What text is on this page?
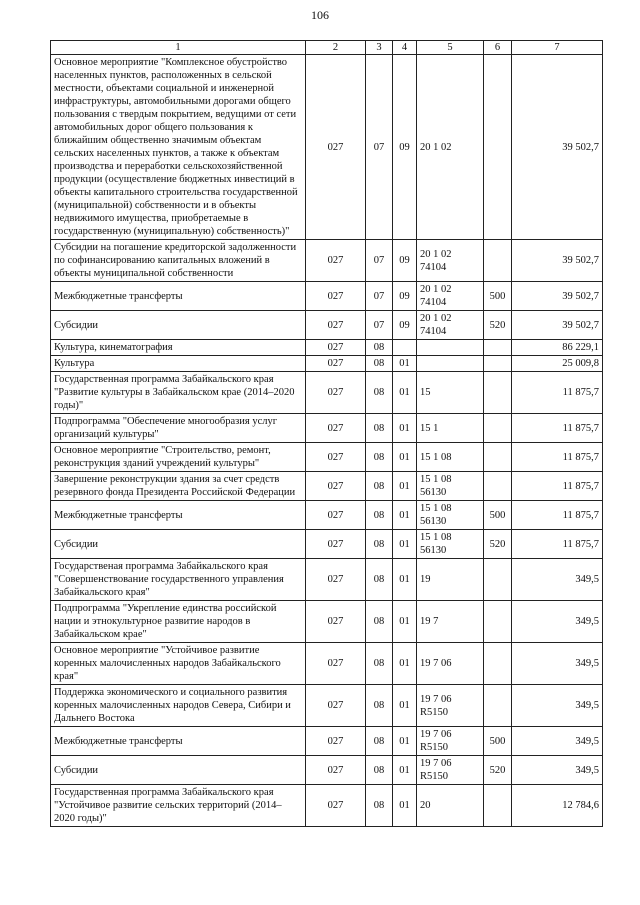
106
1	2	3	4	5	6	7
Основное мероприятие "Комплексное обустройство населенных пунктов, расположенных в сельской местности, объектами социальной и инженерной инфраструктуры, автомобильными дорогами общего пользования с твердым покрытием, ведущими от сети автомобильных дорог общего пользования к ближайшим общественно значимым объектам сельских населенных пунктов, а также к объектам производства и переработки сельскохозяйственной продукции (осуществление бюджетных инвестиций в объекты капитального строительства государственной (муниципальной) собственности и в объекты недвижимого имущества, приобретаемые в государственную (муниципальную) собственность)"	027	07	09	20 1 02		39 502,7
Субсидии на погашение кредиторской задолженности по софинансированию капитальных вложений в объекты муниципальной собственности	027	07	09	20 1 02 74104		39 502,7
Межбюджетные трансферты	027	07	09	20 1 02 74104	500	39 502,7
Субсидии	027	07	09	20 1 02 74104	520	39 502,7
Культура, кинематография	027	08				86 229,1
Культура	027	08	01			25 009,8
Государственная программа Забайкальского края "Развитие культуры в Забайкальском крае (2014–2020 годы)"	027	08	01	15		11 875,7
Подпрограмма "Обеспечение многообразия услуг организаций культуры"	027	08	01	15 1		11 875,7
Основное мероприятие "Строительство, ремонт, реконструкция зданий учреждений культуры"	027	08	01	15 1 08		11 875,7
Завершение реконструкции здания за счет средств резервного фонда Президента Российской Федерации	027	08	01	15 1 08 56130		11 875,7
Межбюджетные трансферты	027	08	01	15 1 08 56130	500	11 875,7
Субсидии	027	08	01	15 1 08 56130	520	11 875,7
Государственая программа Забайкальского края "Совершенствование государственного управления Забайкальского края"	027	08	01	19		349,5
Подпрограмма "Укрепление единства российской нации и этнокультурное развитие народов в Забайкальском крае"	027	08	01	19 7		349,5
Основное мероприятие "Устойчивое развитие коренных малочисленных народов Забайкальского края"	027	08	01	19 7 06		349,5
Поддержка экономического и социального развития коренных малочисленных народов Севера, Сибири и Дальнего Востока	027	08	01	19 7 06 R5150		349,5
Межбюджетные трансферты	027	08	01	19 7 06 R5150	500	349,5
Субсидии	027	08	01	19 7 06 R5150	520	349,5
Государственная программа Забайкальского края "Устойчивое развитие сельских территорий (2014–2020 годы)"	027	08	01	20		12 784,6
